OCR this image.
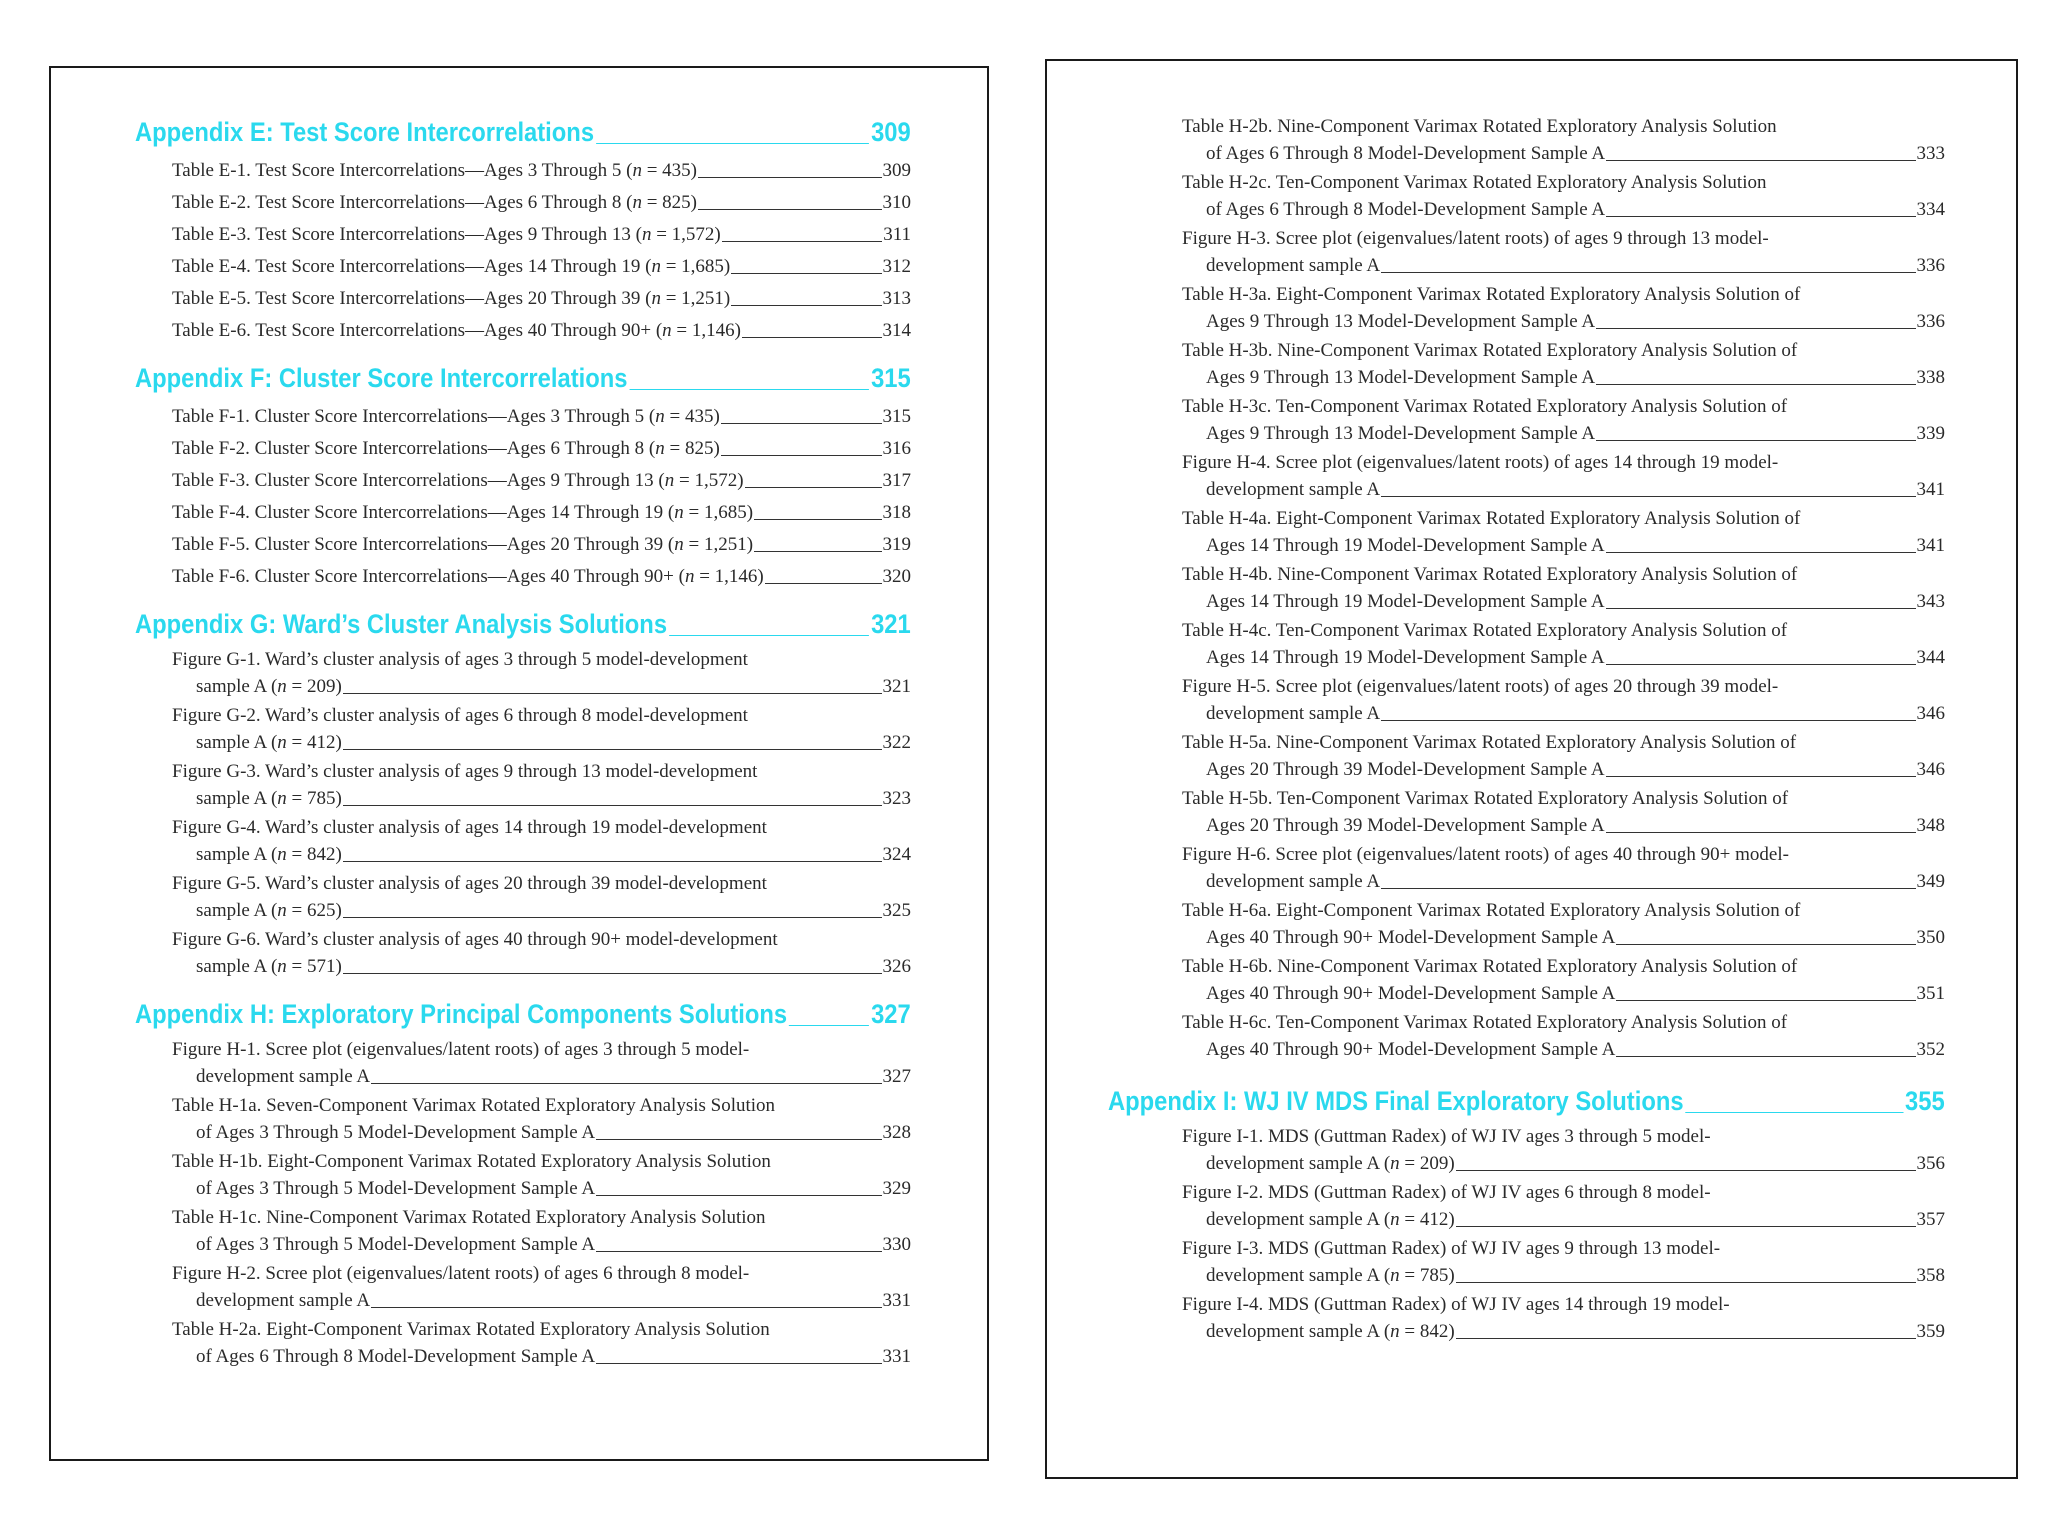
Appendix E: Test Score Intercorrelations	309
Table E-1. Test Score Intercorrelations—Ages 3 Through 5 (n = 435)	309
Table E-2. Test Score Intercorrelations—Ages 6 Through 8 (n = 825)	310
Table E-3. Test Score Intercorrelations—Ages 9 Through 13 (n = 1,572)	311
Table E-4. Test Score Intercorrelations—Ages 14 Through 19 (n = 1,685)	312
Table E-5. Test Score Intercorrelations—Ages 20 Through 39 (n = 1,251)	313
Table E-6. Test Score Intercorrelations—Ages 40 Through 90+ (n = 1,146)	314
Appendix F: Cluster Score Intercorrelations	315
Table F-1. Cluster Score Intercorrelations—Ages 3 Through 5 (n = 435)	315
Table F-2. Cluster Score Intercorrelations—Ages 6 Through 8 (n = 825)	316
Table F-3. Cluster Score Intercorrelations—Ages 9 Through 13 (n = 1,572)	317
Table F-4. Cluster Score Intercorrelations—Ages 14 Through 19 (n = 1,685)	318
Table F-5. Cluster Score Intercorrelations—Ages 20 Through 39 (n = 1,251)	319
Table F-6. Cluster Score Intercorrelations—Ages 40 Through 90+ (n = 1,146)	320
Appendix G: Ward’s Cluster Analysis Solutions	321
Figure G-1. Ward’s cluster analysis of ages 3 through 5 model-development
sample A (n = 209)	321
Figure G-2. Ward’s cluster analysis of ages 6 through 8 model-development
sample A (n = 412)	322
Figure G-3. Ward’s cluster analysis of ages 9 through 13 model-development
sample A (n = 785)	323
Figure G-4. Ward’s cluster analysis of ages 14 through 19 model-development
sample A (n = 842)	324
Figure G-5. Ward’s cluster analysis of ages 20 through 39 model-development
sample A (n = 625)	325
Figure G-6. Ward’s cluster analysis of ages 40 through 90+ model-development
sample A (n = 571)	326
Appendix H: Exploratory Principal Components Solutions	327
Figure H-1. Scree plot (eigenvalues/latent roots) of ages 3 through 5 model-
development sample A	327
Table H-1a. Seven-Component Varimax Rotated Exploratory Analysis Solution
of Ages 3 Through 5 Model-Development Sample A	328
Table H-1b. Eight-Component Varimax Rotated Exploratory Analysis Solution
of Ages 3 Through 5 Model-Development Sample A	329
Table H-1c. Nine-Component Varimax Rotated Exploratory Analysis Solution
of Ages 3 Through 5 Model-Development Sample A	330
Figure H-2. Scree plot (eigenvalues/latent roots) of ages 6 through 8 model-
development sample A	331
Table H-2a. Eight-Component Varimax Rotated Exploratory Analysis Solution
of Ages 6 Through 8 Model-Development Sample A	331
Table H-2b. Nine-Component Varimax Rotated Exploratory Analysis Solution
of Ages 6 Through 8 Model-Development Sample A	333
Table H-2c. Ten-Component Varimax Rotated Exploratory Analysis Solution
of Ages 6 Through 8 Model-Development Sample A	334
Figure H-3. Scree plot (eigenvalues/latent roots) of ages 9 through 13 model-
development sample A	336
Table H-3a. Eight-Component Varimax Rotated Exploratory Analysis Solution of
Ages 9 Through 13 Model-Development Sample A	336
Table H-3b. Nine-Component Varimax Rotated Exploratory Analysis Solution of
Ages 9 Through 13 Model-Development Sample A	338
Table H-3c. Ten-Component Varimax Rotated Exploratory Analysis Solution of
Ages 9 Through 13 Model-Development Sample A	339
Figure H-4. Scree plot (eigenvalues/latent roots) of ages 14 through 19 model-
development sample A	341
Table H-4a. Eight-Component Varimax Rotated Exploratory Analysis Solution of
Ages 14 Through 19 Model-Development Sample A	341
Table H-4b. Nine-Component Varimax Rotated Exploratory Analysis Solution of
Ages 14 Through 19 Model-Development Sample A	343
Table H-4c. Ten-Component Varimax Rotated Exploratory Analysis Solution of
Ages 14 Through 19 Model-Development Sample A	344
Figure H-5. Scree plot (eigenvalues/latent roots) of ages 20 through 39 model-
development sample A	346
Table H-5a. Nine-Component Varimax Rotated Exploratory Analysis Solution of
Ages 20 Through 39 Model-Development Sample A	346
Table H-5b. Ten-Component Varimax Rotated Exploratory Analysis Solution of
Ages 20 Through 39 Model-Development Sample A	348
Figure H-6. Scree plot (eigenvalues/latent roots) of ages 40 through 90+ model-
development sample A	349
Table H-6a. Eight-Component Varimax Rotated Exploratory Analysis Solution of
Ages 40 Through 90+ Model-Development Sample A	350
Table H-6b. Nine-Component Varimax Rotated Exploratory Analysis Solution of
Ages 40 Through 90+ Model-Development Sample A	351
Table H-6c. Ten-Component Varimax Rotated Exploratory Analysis Solution of
Ages 40 Through 90+ Model-Development Sample A	352
Appendix I: WJ IV MDS Final Exploratory Solutions	355
Figure I-1. MDS (Guttman Radex) of WJ IV ages 3 through 5 model-
development sample A (n = 209)	356
Figure I-2. MDS (Guttman Radex) of WJ IV ages 6 through 8 model-
development sample A (n = 412)	357
Figure I-3. MDS (Guttman Radex) of WJ IV ages 9 through 13 model-
development sample A (n = 785)	358
Figure I-4. MDS (Guttman Radex) of WJ IV ages 14 through 19 model-
development sample A (n = 842)	359
